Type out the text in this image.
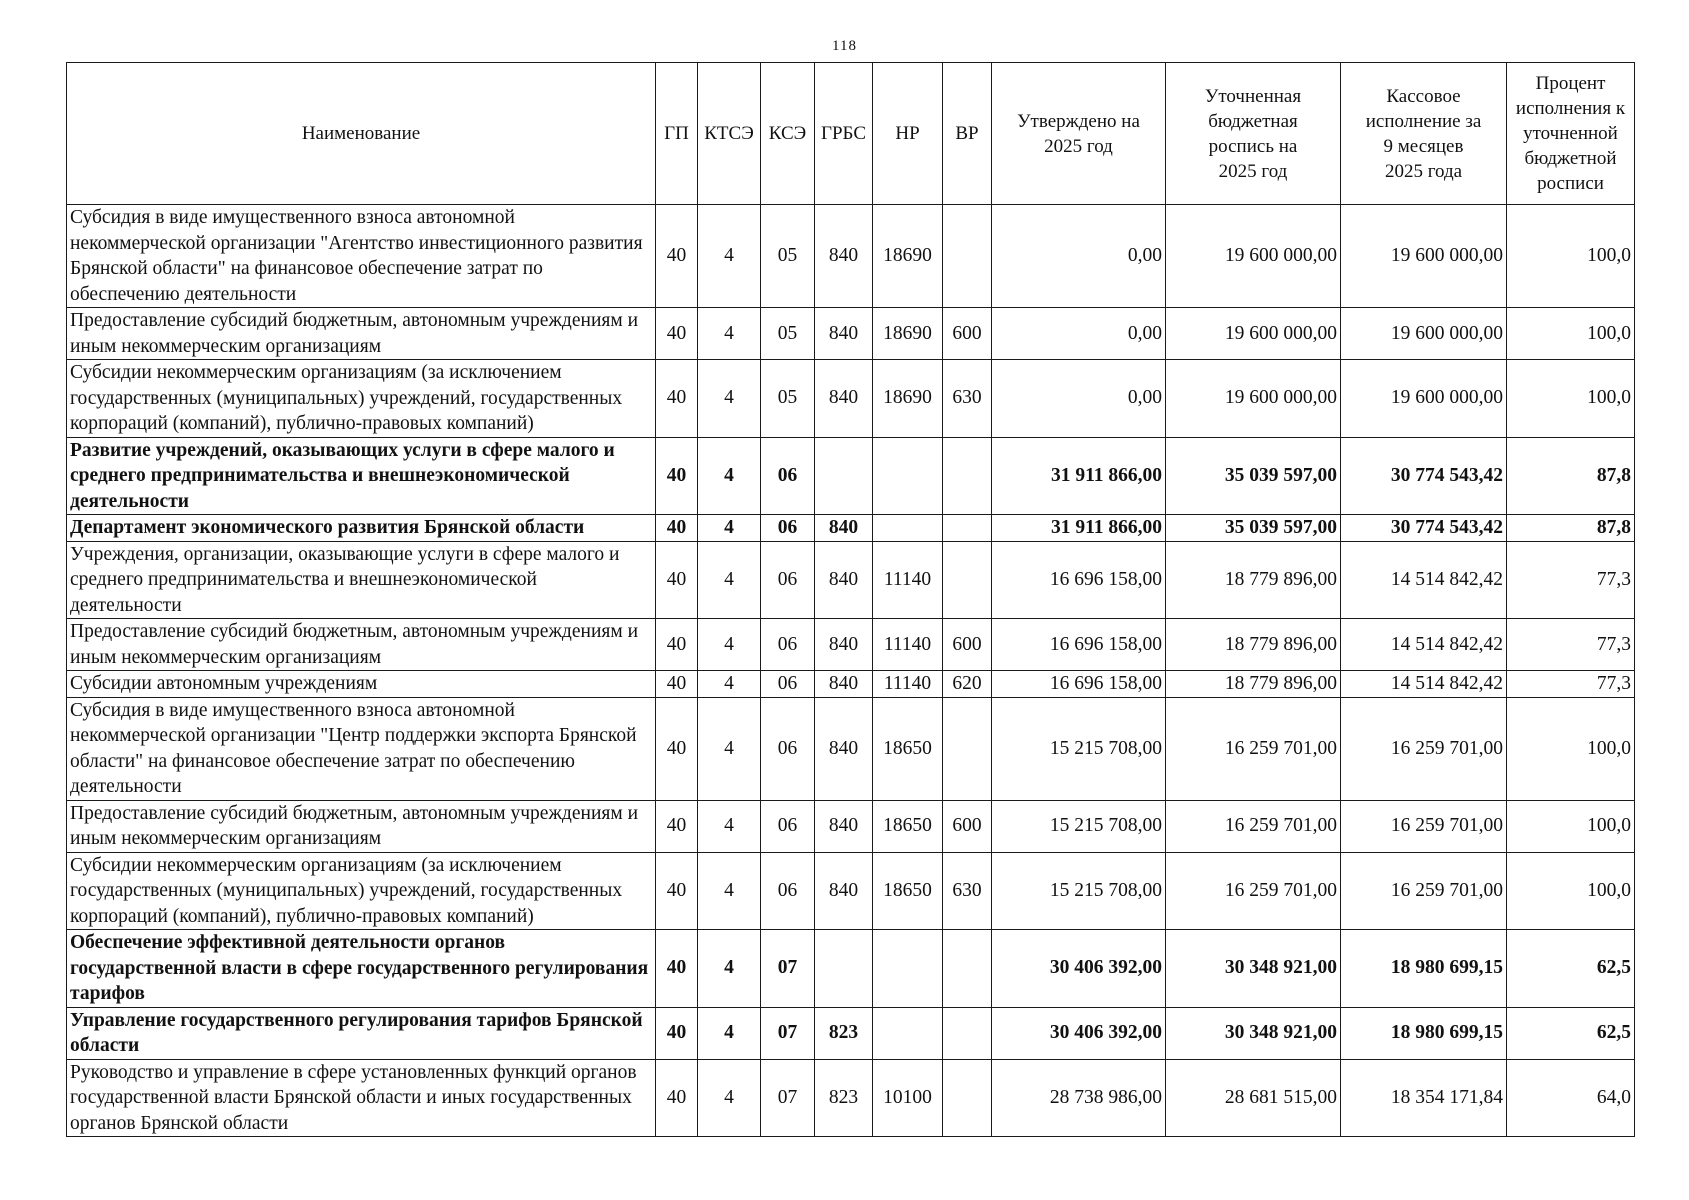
118
Наименование	ГП	КТСЭ	КСЭ	ГРБС	НР	ВР	Утверждено на 2025 год	Уточненная бюджетная роспись на 2025 год	Кассовое исполнение за 9 месяцев 2025 года	Процент исполнения к уточненной бюджетной росписи
Субсидия в виде имущественного взноса автономной некоммерческой организации "Агентство инвестиционного развития Брянской области" на финансовое обеспечение затрат по обеспечению деятельности	40	4	05	840	18690		0,00	19 600 000,00	19 600 000,00	100,0
Предоставление субсидий бюджетным, автономным учреждениям и иным некоммерческим организациям	40	4	05	840	18690	600	0,00	19 600 000,00	19 600 000,00	100,0
Субсидии некоммерческим организациям (за исключением государственных (муниципальных) учреждений, государственных корпораций (компаний), публично-правовых компаний)	40	4	05	840	18690	630	0,00	19 600 000,00	19 600 000,00	100,0
Развитие учреждений, оказывающих услуги в сфере малого и среднего предпринимательства и внешнеэкономической деятельности	40	4	06				31 911 866,00	35 039 597,00	30 774 543,42	87,8
Департамент экономического развития Брянской области	40	4	06	840			31 911 866,00	35 039 597,00	30 774 543,42	87,8
Учреждения, организации, оказывающие услуги в сфере малого и среднего предпринимательства и внешнеэкономической деятельности	40	4	06	840	11140		16 696 158,00	18 779 896,00	14 514 842,42	77,3
Предоставление субсидий бюджетным, автономным учреждениям и иным некоммерческим организациям	40	4	06	840	11140	600	16 696 158,00	18 779 896,00	14 514 842,42	77,3
Субсидии автономным учреждениям	40	4	06	840	11140	620	16 696 158,00	18 779 896,00	14 514 842,42	77,3
Субсидия в виде имущественного взноса автономной некоммерческой организации "Центр поддержки экспорта Брянской области" на финансовое обеспечение затрат по обеспечению деятельности	40	4	06	840	18650		15 215 708,00	16 259 701,00	16 259 701,00	100,0
Предоставление субсидий бюджетным, автономным учреждениям и иным некоммерческим организациям	40	4	06	840	18650	600	15 215 708,00	16 259 701,00	16 259 701,00	100,0
Субсидии некоммерческим организациям (за исключением государственных (муниципальных) учреждений, государственных корпораций (компаний), публично-правовых компаний)	40	4	06	840	18650	630	15 215 708,00	16 259 701,00	16 259 701,00	100,0
Обеспечение эффективной деятельности органов государственной власти в сфере государственного регулирования тарифов	40	4	07				30 406 392,00	30 348 921,00	18 980 699,15	62,5
Управление государственного регулирования тарифов Брянской области	40	4	07	823			30 406 392,00	30 348 921,00	18 980 699,15	62,5
Руководство и управление в сфере установленных функций органов государственной власти Брянской области и иных государственных органов Брянской области	40	4	07	823	10100		28 738 986,00	28 681 515,00	18 354 171,84	64,0
